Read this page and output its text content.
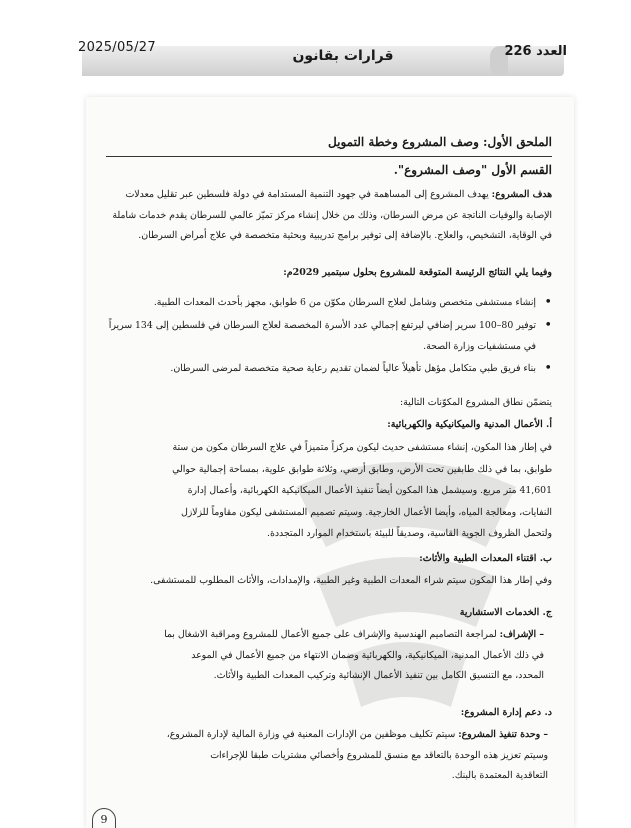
2025/05/27
قرارات بقانون	العدد 226
الملحق الأول: وصف المشروع وخطة التمويل
القسم الأول "وصف المشروع".
هدف المشروع: يهدف المشروع إلى المساهمة في جهود التنمية المستدامة في دولة فلسطين عبر تقليل معدلات
الإصابة والوفيات الناتجة عن مرض السرطان، وذلك من خلال إنشاء مركز تميّز عالمي للسرطان يقدم خدمات شاملة
في الوقاية، التشخيص، والعلاج. بالإضافة إلى توفير برامج تدريبية وبحثية متخصصة في علاج أمراض السرطان.
وفيما يلي النتائج الرئيسة المتوقعة للمشروع بحلول سبتمبر 2029م:
• إنشاء مستشفى متخصص وشامل لعلاج السرطان مكوّن من 6 طوابق، مجهز بأحدث المعدات الطبية.
• توفير 80–100 سرير إضافي ليرتفع إجمالي عدد الأسرة المخصصة لعلاج السرطان في فلسطين إلى 134 سريراً في مستشفيات وزارة الصحة.
• بناء فريق طبي متكامل مؤهل تأهيلاً عالياً لضمان تقديم رعاية صحية متخصصة لمرضى السرطان.
يتضمّن نطاق المشروع المكوّنات التالية:
أ. الأعمال المدنية والميكانيكية والكهربائية:
في إطار هذا المكون، إنشاء مستشفى حديث ليكون مركزاً متميزاً في علاج السرطان مكون من ستة
طوابق، بما في ذلك طابقين تحت الأرض، وطابق أرضي، وثلاثة طوابق علوية، بمساحة إجمالية حوالي
41,601 متر مربع. وسيشمل هذا المكون أيضاً تنفيذ الأعمال الميكانيكية الكهربائية، وأعمال إدارة
النفايات، ومعالجة المياه، وأيضا الأعمال الخارجية. وسيتم تصميم المستشفى ليكون مقاوماً للزلازل
ولتحمل الظروف الجوية القاسية، وصديقاً للبيئة باستخدام الموارد المتجددة.
ب. اقتناء المعدات الطبية والأثاث:
وفي إطار هذا المكون سيتم شراء المعدات الطبية وغير الطبية، والإمدادات، والأثاث المطلوب للمستشفى.
ج. الخدمات الاستشارية
– الإشراف: لمراجعة التصاميم الهندسية والإشراف على جميع الأعمال للمشروع ومراقبة الاشغال بما
في ذلك الأعمال المدنية، الميكانيكية، والكهربائية وضمان الانتهاء من جميع الأعمال في الموعد
المحدد، مع التنسيق الكامل بين تنفيذ الأعمال الإنشائية وتركيب المعدات الطبية والأثاث.
د. دعم إدارة المشروع:
– وحدة تنفيذ المشروع: سيتم تكليف موظفين من الإدارات المعنية في وزارة المالية لإدارة المشروع،
وسيتم تعزيز هذه الوحدة بالتعاقد مع منسق للمشروع وأخصائي مشتريات طبقا للإجراءات
التعاقدية المعتمدة بالبنك.
9
